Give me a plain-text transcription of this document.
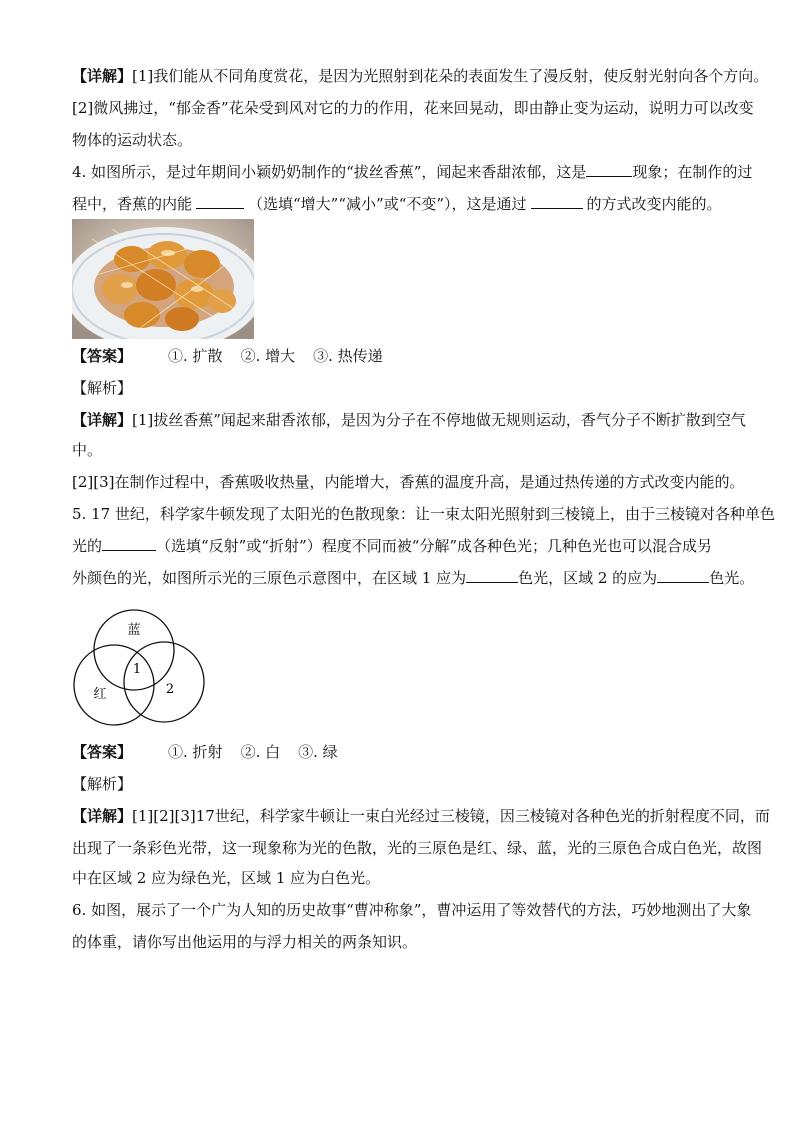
【详解】[1]我们能从不同角度赏花，是因为光照射到花朵的表面发生了漫反射，使反射光射向各个方向。
[2]微风拂过，“郁金香”花朵受到风对它的力的作用，花来回晃动，即由静止变为运动，说明力可以改变
物体的运动状态。
4. 如图所示，是过年期间小颖奶奶制作的“拔丝香蕉”，闻起来香甜浓郁，这是	现象；在制作的过
程中，香蕉的内能	（选填“增大”“减小”或“不变”），这是通过	的方式改变内能的。
【答案】 ①. 扩散 ②. 增大 ③. 热传递
【解析】
【详解】[1]拔丝香蕉”闻起来甜香浓郁，是因为分子在不停地做无规则运动，香气分子不断扩散到空气
中。
[2][3]在制作过程中，香蕉吸收热量，内能增大，香蕉的温度升高，是通过热传递的方式改变内能的。
5. 17 世纪，科学家牛顿发现了太阳光的色散现象：让一束太阳光照射到三棱镜上，由于三棱镜对各种单色
光的	（选填“反射”或“折射”）程度不同而被“分解”成各种色光；几种色光也可以混合成另
外颜色的光，如图所示光的三原色示意图中，在区域 1 应为	色光，区域 2 的应为	色光。
蓝
红
1
2
【答案】 ①. 折射 ②. 白 ③. 绿
【解析】
【详解】[1][2][3]17世纪，科学家牛顿让一束白光经过三棱镜，因三棱镜对各种色光的折射程度不同，而
出现了一条彩色光带，这一现象称为光的色散，光的三原色是红、绿、蓝，光的三原色合成白色光，故图
中在区域 2 应为绿色光，区域 1 应为白色光。
6. 如图，展示了一个广为人知的历史故事“曹冲称象”，曹冲运用了等效替代的方法，巧妙地测出了大象
的体重，请你写出他运用的与浮力相关的两条知识。
